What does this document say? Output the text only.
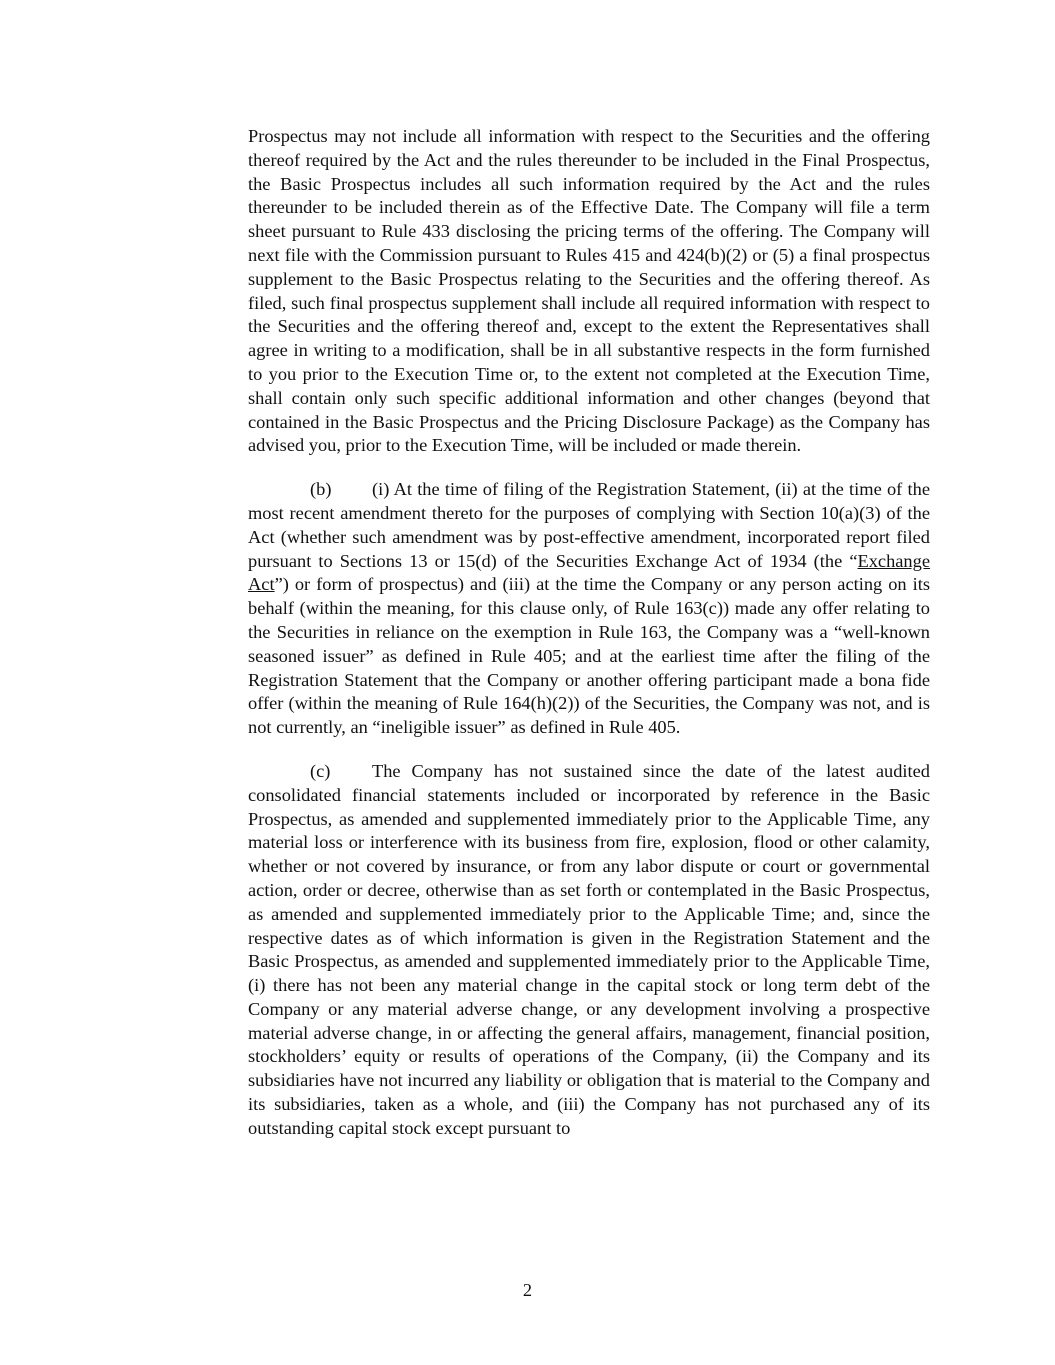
Prospectus may not include all information with respect to the Securities and the offering thereof required by the Act and the rules thereunder to be included in the Final Prospectus, the Basic Prospectus includes all such information required by the Act and the rules thereunder to be included therein as of the Effective Date. The Company will file a term sheet pursuant to Rule 433 disclosing the pricing terms of the offering. The Company will next file with the Commission pursuant to Rules 415 and 424(b)(2) or (5) a final prospectus supplement to the Basic Prospectus relating to the Securities and the offering thereof. As filed, such final prospectus supplement shall include all required information with respect to the Securities and the offering thereof and, except to the extent the Representatives shall agree in writing to a modification, shall be in all substantive respects in the form furnished to you prior to the Execution Time or, to the extent not completed at the Execution Time, shall contain only such specific additional information and other changes (beyond that contained in the Basic Prospectus and the Pricing Disclosure Package) as the Company has advised you, prior to the Execution Time, will be included or made therein.

(b) (i) At the time of filing of the Registration Statement, (ii) at the time of the most recent amendment thereto for the purposes of complying with Section 10(a)(3) of the Act (whether such amendment was by post-effective amendment, incorporated report filed pursuant to Sections 13 or 15(d) of the Securities Exchange Act of 1934 (the “Exchange Act”) or form of prospectus) and (iii) at the time the Company or any person acting on its behalf (within the meaning, for this clause only, of Rule 163(c)) made any offer relating to the Securities in reliance on the exemption in Rule 163, the Company was a “well-known seasoned issuer” as defined in Rule 405; and at the earliest time after the filing of the Registration Statement that the Company or another offering participant made a bona fide offer (within the meaning of Rule 164(h)(2)) of the Securities, the Company was not, and is not currently, an “ineligible issuer” as defined in Rule 405.

(c) The Company has not sustained since the date of the latest audited consolidated financial statements included or incorporated by reference in the Basic Prospectus, as amended and supplemented immediately prior to the Applicable Time, any material loss or interference with its business from fire, explosion, flood or other calamity, whether or not covered by insurance, or from any labor dispute or court or governmental action, order or decree, otherwise than as set forth or contemplated in the Basic Prospectus, as amended and supplemented immediately prior to the Applicable Time; and, since the respective dates as of which information is given in the Registration Statement and the Basic Prospectus, as amended and supplemented immediately prior to the Applicable Time, (i) there has not been any material change in the capital stock or long term debt of the Company or any material adverse change, or any development involving a prospective material adverse change, in or affecting the general affairs, management, financial position, stockholders’ equity or results of operations of the Company, (ii) the Company and its subsidiaries have not incurred any liability or obligation that is material to the Company and its subsidiaries, taken as a whole, and (iii) the Company has not purchased any of its outstanding capital stock except pursuant to

2
